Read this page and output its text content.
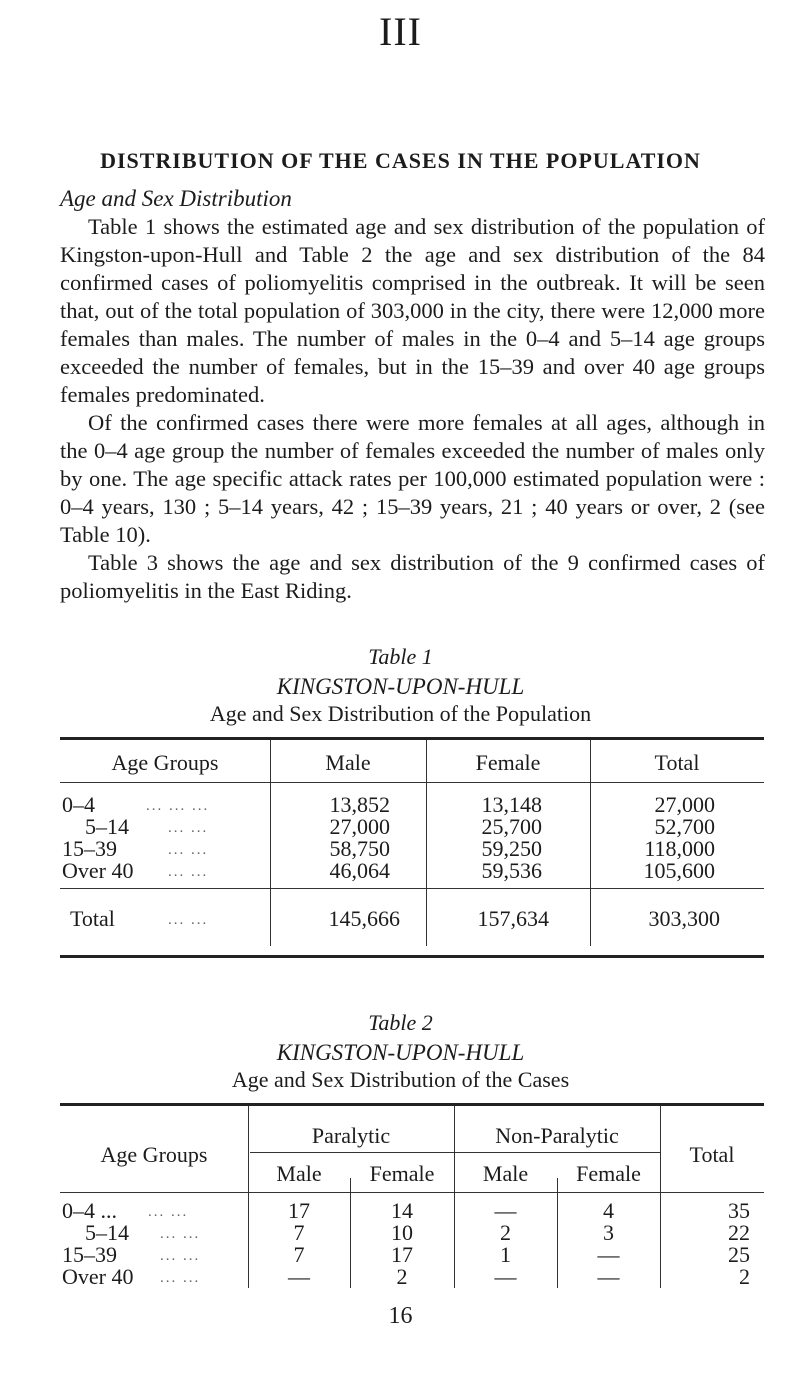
III
DISTRIBUTION OF THE CASES IN THE POPULATION
Age and Sex Distribution

Table 1 shows the estimated age and sex distribution of the population of Kingston-upon-Hull and Table 2 the age and sex distribution of the 84 confirmed cases of poliomyelitis comprised in the outbreak. It will be seen that, out of the total population of 303,000 in the city, there were 12,000 more females than males. The number of males in the 0–4 and 5–14 age groups exceeded the number of females, but in the 15–39 and over 40 age groups females predominated.

Of the confirmed cases there were more females at all ages, although in the 0–4 age group the number of females exceeded the number of males only by one. The age specific attack rates per 100,000 estimated population were : 0–4 years, 130 ; 5–14 years, 42 ; 15–39 years, 21 ; 40 years or over, 2 (see Table 10).

Table 3 shows the age and sex distribution of the 9 confirmed cases of poliomyelitis in the East Riding.

Table 1
KINGSTON-UPON-HULL
Age and Sex Distribution of the Population
Age Groups	Male	Female	Total
0–4	... ... ...	13,852	13,148	27,000
5–14	... ...	27,000	25,700	52,700
15–39	... ...	58,750	59,250	118,000
Over 40 ... ...	46,064	59,536	105,600
Total	... ...	145,666	157,634	303,300
Table 2
KINGSTON-UPON-HULL
Age and Sex Distribution of the Cases
Paralytic	Non-Paralytic
Age Groups	Total
Male	Female	Male	Female
0–4 ... ... ...	17	14	—	4	35
5–14 ... ...	7	10	2	3	22
15–39	... ...	7	17	1	—	25
Over 40 ... ...	—	2	—	—	2
16
